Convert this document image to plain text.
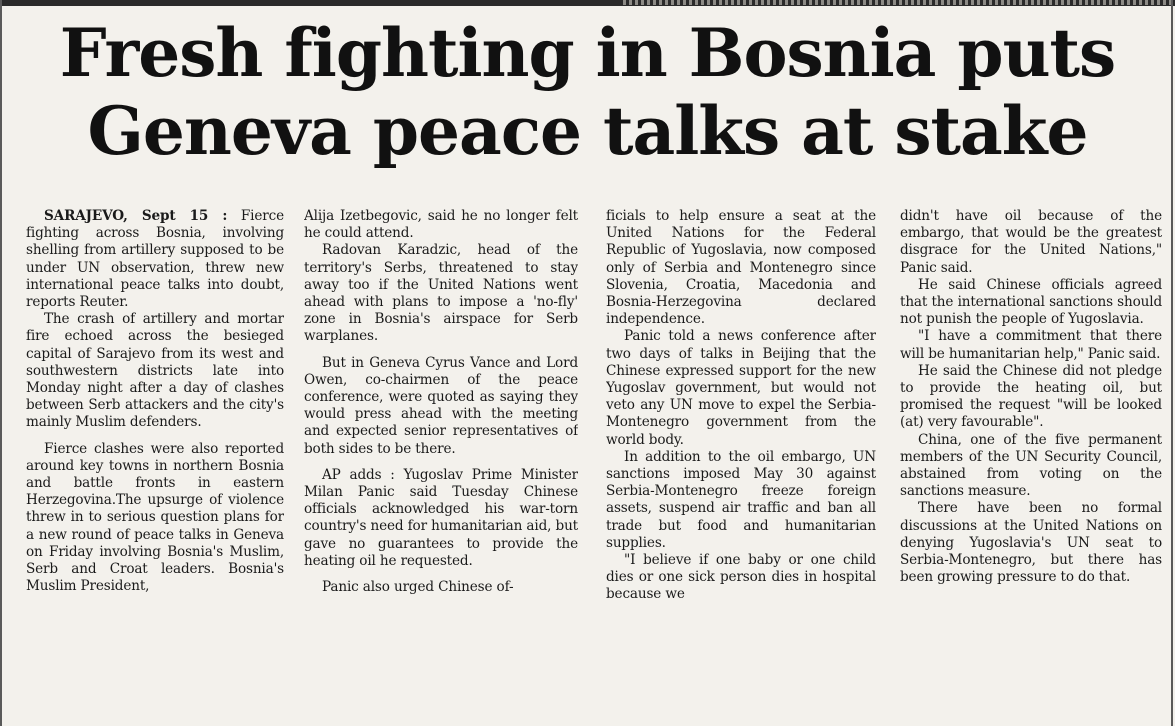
Fresh fighting in Bosnia puts
Geneva peace talks at stake

SARAJEVO, Sept 15 : Fierce fighting across Bosnia, involving shelling from artillery supposed to be under UN observation, threw new international peace talks into doubt, reports Reuter.

The crash of artillery and mortar fire echoed across the besieged capital of Sarajevo from its west and southwestern districts late into Monday night after a day of clashes between Serb attackers and the city's mainly Muslim defenders.

Fierce clashes were also reported around key towns in northern Bosnia and battle fronts in eastern Herzegovina.The upsurge of violence threw in to serious question plans for a new round of peace talks in Geneva on Friday involving Bosnia's Muslim, Serb and Croat leaders. Bosnia's Muslim President,

Alija Izetbegovic, said he no longer felt he could attend.

Radovan Karadzic, head of the territory's Serbs, threatened to stay away too if the United Nations went ahead with plans to impose a 'no-fly' zone in Bosnia's airspace for Serb warplanes.

But in Geneva Cyrus Vance and Lord Owen, co-chairmen of the peace conference, were quoted as saying they would press ahead with the meeting and expected senior representatives of both sides to be there.

AP adds : Yugoslav Prime Minister Milan Panic said Tuesday Chinese officials acknowledged his war-torn country's need for humanitarian aid, but gave no guarantees to provide the heating oil he requested.

Panic also urged Chinese of-

ficials to help ensure a seat at the United Nations for the Federal Republic of Yugoslavia, now composed only of Serbia and Montenegro since Slovenia, Croatia, Macedonia and Bosnia-Herzegovina declared independence.

Panic told a news conference after two days of talks in Beijing that the Chinese expressed support for the new Yugoslav government, but would not veto any UN move to expel the Serbia-Montenegro government from the world body.

In addition to the oil embargo, UN sanctions imposed May 30 against Serbia-Montenegro freeze foreign assets, suspend air traffic and ban all trade but food and humanitarian supplies.

"I believe if one baby or one child dies or one sick person dies in hospital because we

didn't have oil because of the embargo, that would be the greatest disgrace for the United Nations," Panic said.

He said Chinese officials agreed that the international sanctions should not punish the people of Yugoslavia.

"I have a commitment that there will be humanitarian help," Panic said.

He said the Chinese did not pledge to provide the heating oil, but promised the request "will be looked (at) very favourable".

China, one of the five permanent members of the UN Security Council, abstained from voting on the sanctions measure.

There have been no formal discussions at the United Nations on denying Yugoslavia's UN seat to Serbia-Montenegro, but there has been growing pressure to do that.
